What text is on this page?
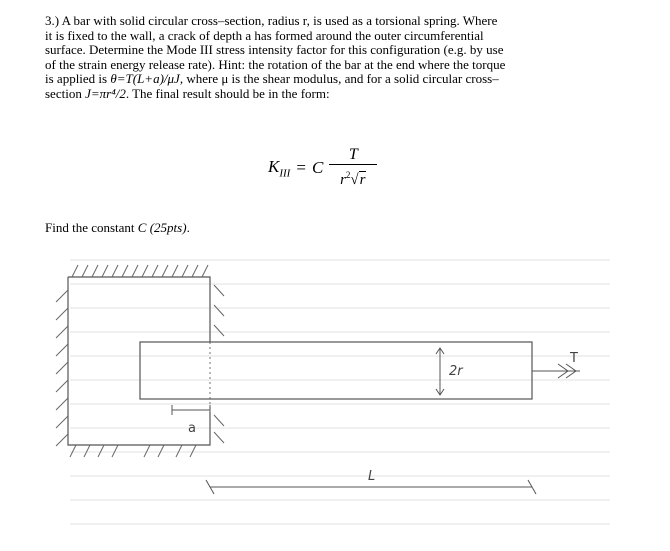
3.) A bar with solid circular cross–section, radius r, is used as a torsional spring. Where

it is fixed to the wall, a crack of depth a has formed around the outer circumferential

surface. Determine the Mode III stress intensity factor for this configuration (e.g. by use

of the strain energy release rate). Hint: the rotation of the bar at the end where the torque

is applied is θ=T(L+a)/μJ, where μ is the shear modulus, and for a solid circular cross–

section J=πr⁴/2. The final result should be in the form:

$K_{III} = C \frac{T}{r^2√r}$
Find the constant C (25pts).
a
2r
L
T
